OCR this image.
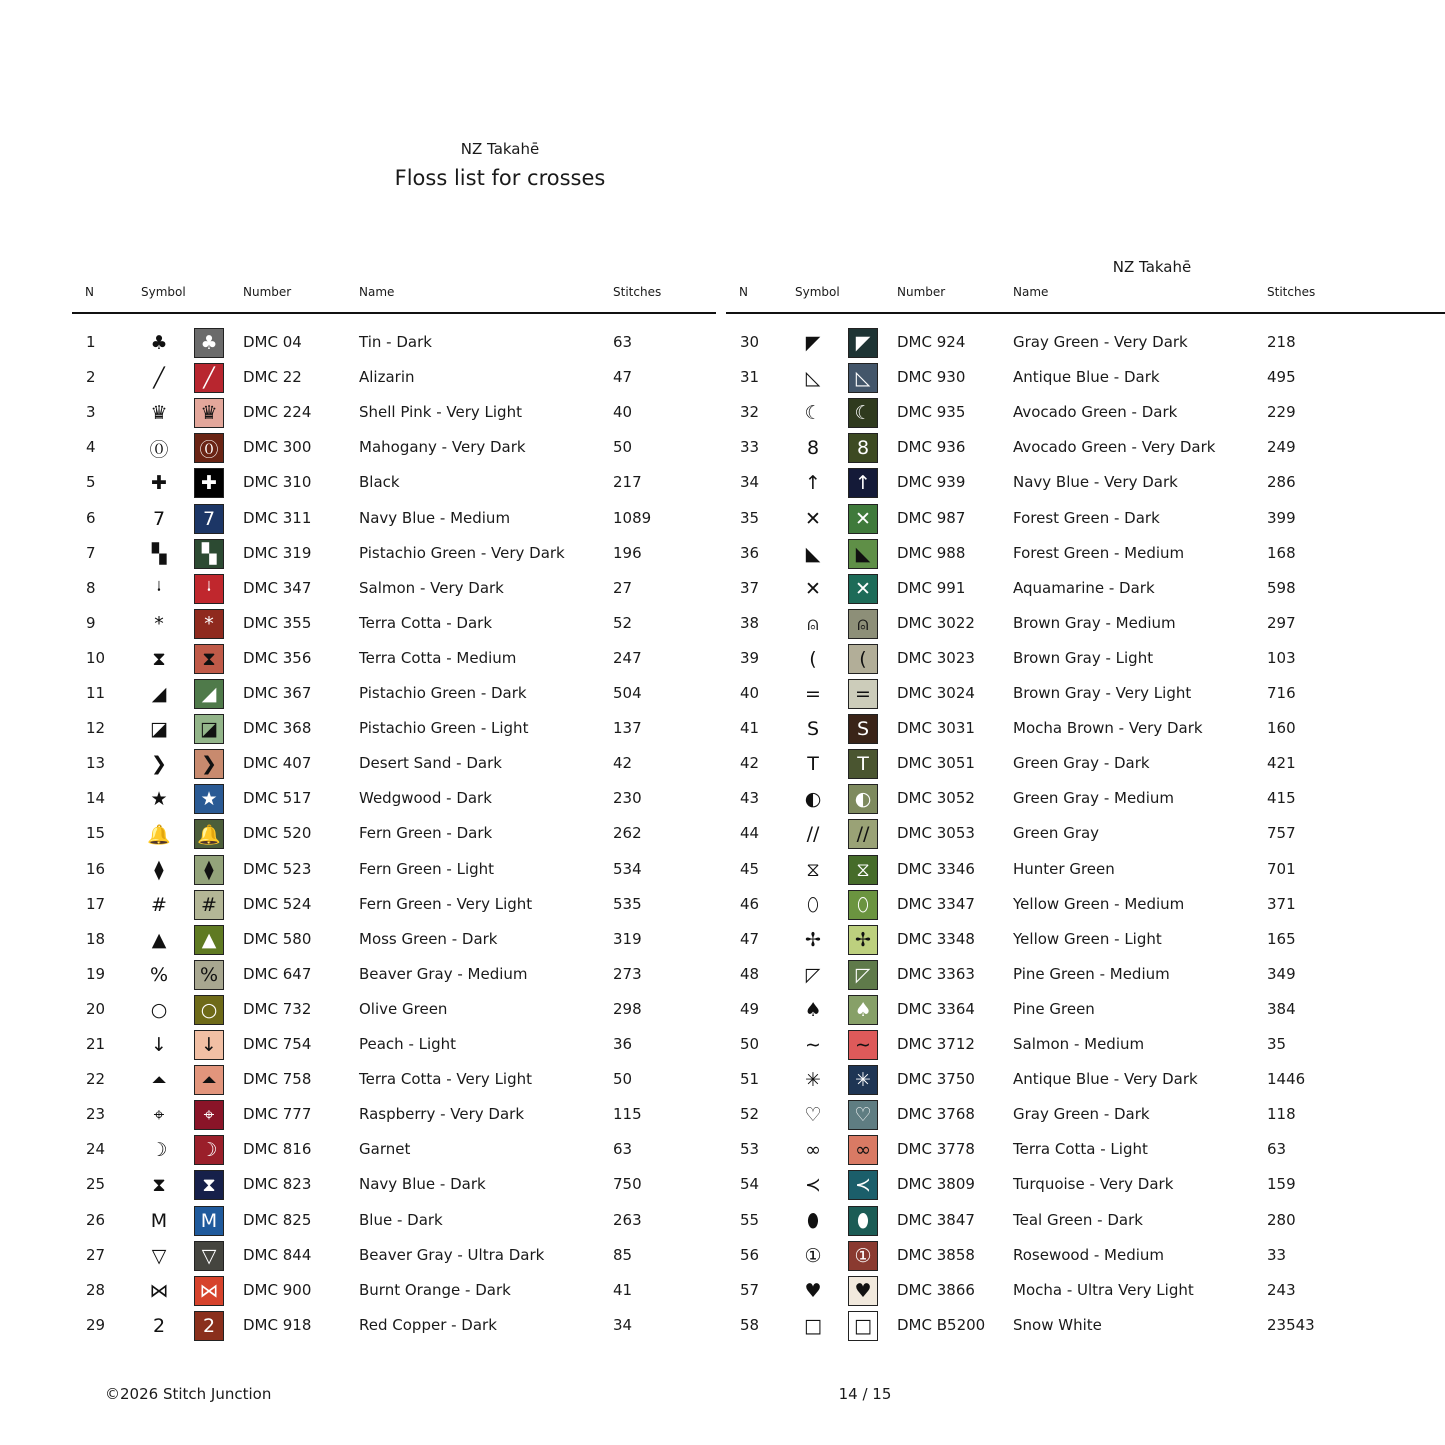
NZ Takahē
Floss list for crosses
NZ Takahē
N	Symbol	Number	Name	Stitches	N	Symbol	Number	Name	Stitches
1	♣	♣	DMC 04	Tin - Dark	63
2	╱	╱	DMC 22	Alizarin	47
3	♛	♛	DMC 224	Shell Pink - Very Light	40
4	⓪ ⓪	DMC 300	Mahogany - Very Dark	50
5	✚	✚	DMC 310	Black	217
6	7	7	DMC 311	Navy Blue - Medium	1089
7	▚	▚	DMC 319	Pistachio Green - Very Dark	196
8	ᛍ	ᛍ	DMC 347	Salmon - Very Dark	27
9	*	*	DMC 355	Terra Cotta - Dark	52
10	⧗	⧗	DMC 356	Terra Cotta - Medium	247
11	◢	◢	DMC 367	Pistachio Green - Dark	504
12 ◪	◪	DMC 368	Pistachio Green - Light	137
13	❯	❯	DMC 407	Desert Sand - Dark	42
14 ★	★	DMC 517	Wedgwood - Dark	230
15 🔔 🔔 DMC 520	Fern Green - Dark	262
16	⧫	⧫	DMC 523	Fern Green - Light	534
17	#	#	DMC 524	Fern Green - Very Light	535
18	▲	▲	DMC 580	Moss Green - Dark	319
19 %	%	DMC 647	Beaver Gray - Medium	273
20	○	○	DMC 732	Olive Green	298
21	↓	↓	DMC 754	Peach - Light	36
22	⏶	⏶	DMC 758	Terra Cotta - Very Light	50
23	⌖	⌖	DMC 777	Raspberry - Very Dark	115
24 ☽	☽	DMC 816	Garnet	63
25	⧗	⧗	DMC 823	Navy Blue - Dark	750
26	M	M	DMC 825	Blue - Dark	263
27	▽	▽	DMC 844	Beaver Gray - Ultra Dark	85
28 ⋈ ⋈	DMC 900	Burnt Orange - Dark	41
29	2	2	DMC 918	Red Copper - Dark	34
30	◤	◤	DMC 924	Gray Green - Very Dark	218
31	◺	◺	DMC 930	Antique Blue - Dark	495
32 ☾	☾	DMC 935	Avocado Green - Dark	229
33	8	8	DMC 936	Avocado Green - Very Dark	249
34	↑	↑	DMC 939	Navy Blue - Very Dark	286
35	✕	✕	DMC 987	Forest Green - Dark	399
36	◣	◣	DMC 988	Forest Green - Medium	168
37	✕	✕	DMC 991	Aquamarine - Dark	598
38	⍝	⍝	DMC 3022	Brown Gray - Medium	297
39	(	(	DMC 3023	Brown Gray - Light	103
40	=	=	DMC 3024	Brown Gray - Very Light	716
41	S	S	DMC 3031	Mocha Brown - Very Dark	160
42	T	T	DMC 3051	Green Gray - Dark	421
43	◐	◐	DMC 3052	Green Gray - Medium	415
44	//	//	DMC 3053	Green Gray	757
45	⧖	⧖	DMC 3346	Hunter Green	701
46	⬯	⬯	DMC 3347	Yellow Green - Medium	371
47	✢	✢	DMC 3348	Yellow Green - Light	165
48	◸	◸	DMC 3363	Pine Green - Medium	349
49 ♠	♠	DMC 3364	Pine Green	384
50	∼	∼	DMC 3712	Salmon - Medium	35
51	✳	✳	DMC 3750	Antique Blue - Very Dark	1446
52 ♡	♡	DMC 3768	Gray Green - Dark	118
53	∞	∞	DMC 3778	Terra Cotta - Light	63
54	≺	≺	DMC 3809	Turquoise - Very Dark	159
55	⬮	⬮	DMC 3847	Teal Green - Dark	280
56 ①	①	DMC 3858	Rosewood - Medium	33
57 ♥	♥	DMC 3866	Mocha - Ultra Very Light	243
58 □	□	DMC B5200 Snow White	23543
©2026 Stitch Junction	14 / 15
